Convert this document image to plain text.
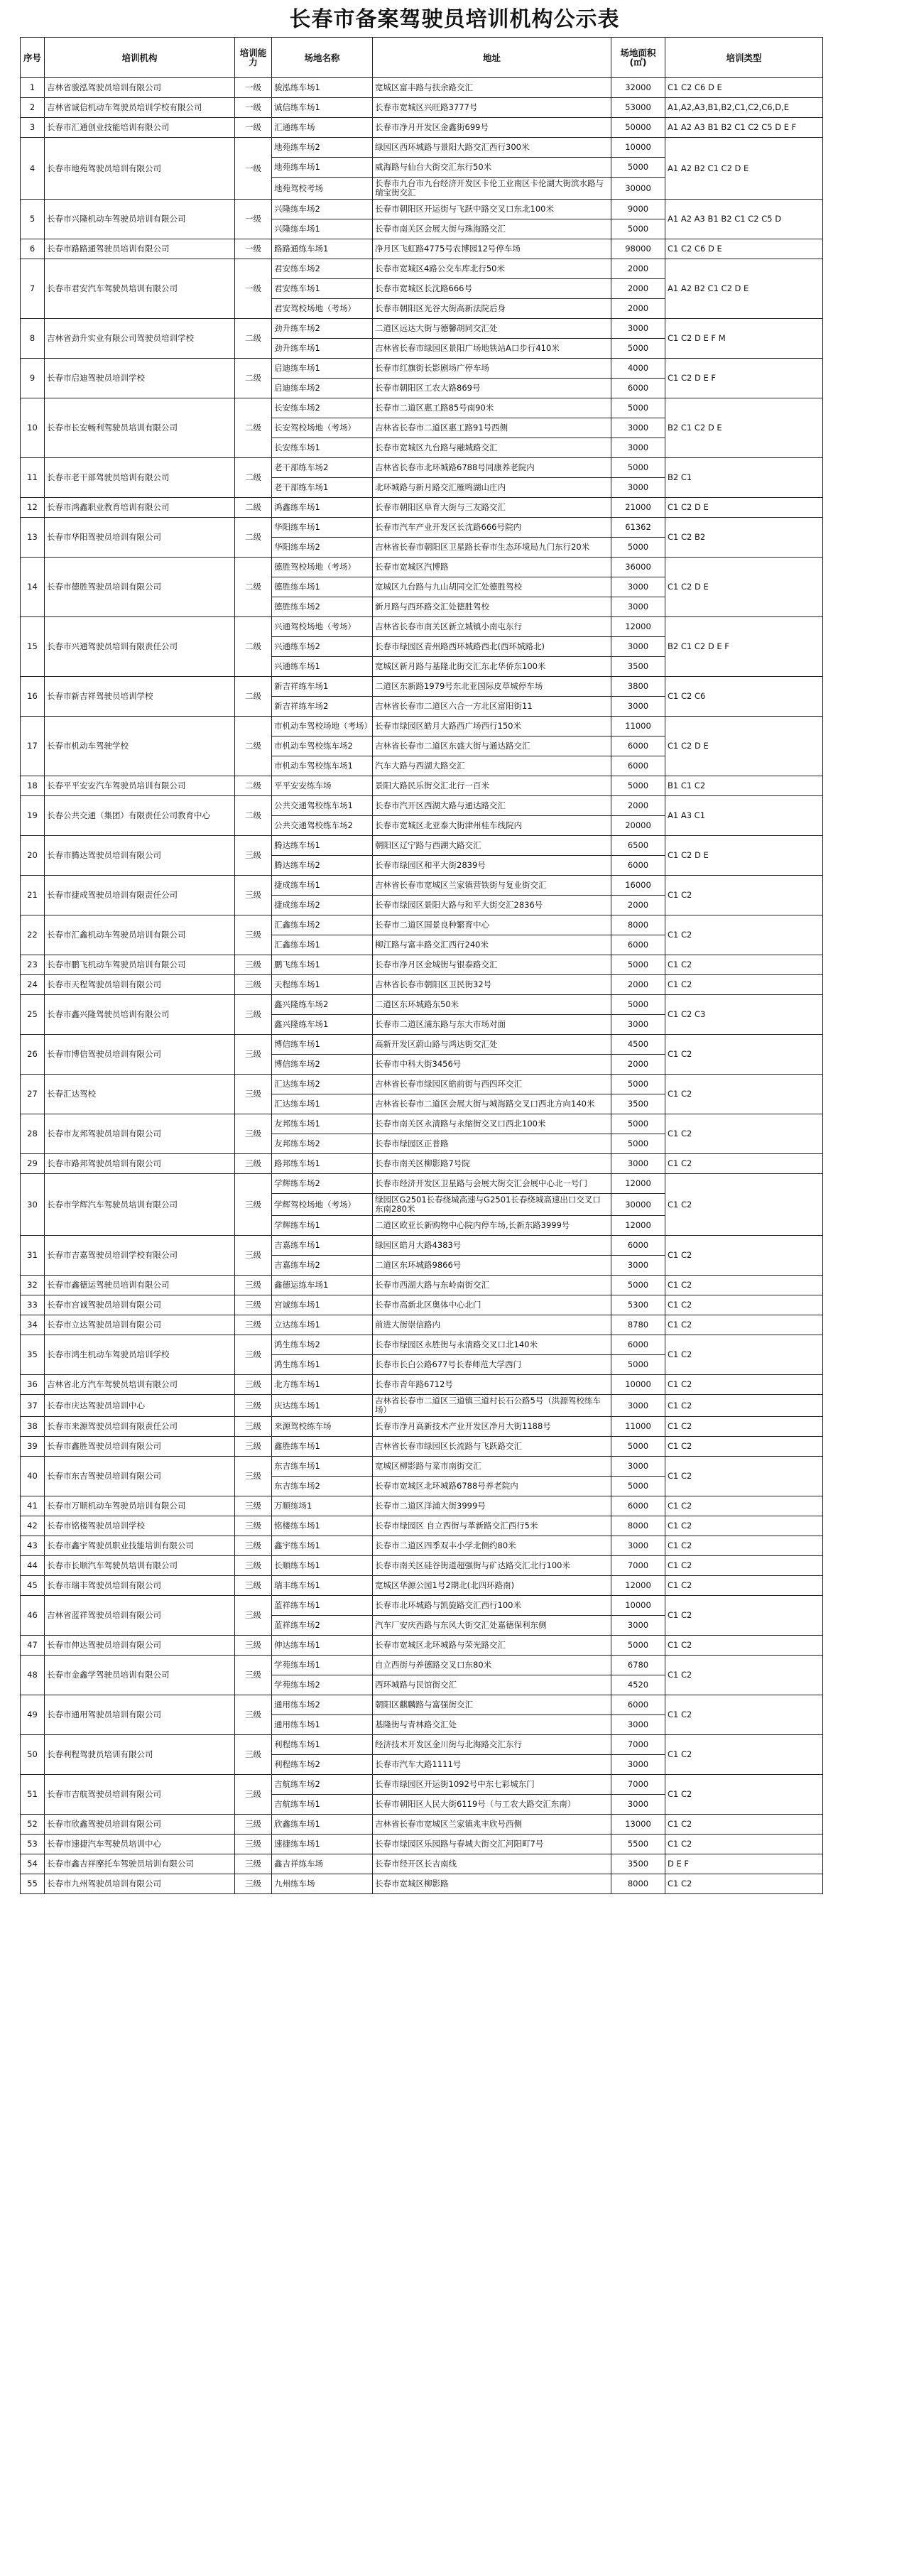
长春市备案驾驶员培训机构公示表
序号	培训机构	培训能力	场地名称	地址	场地面积(㎡)	培训类型
1	吉林省骏泓驾驶员培训有限公司	一级	骏泓练车场1	宽城区富丰路与扶余路交汇	32000	C1 C2 C6 D E
2	吉林省诚信机动车驾驶员培训学校有限公司	一级	诚信练车场1	长春市宽城区兴旺路3777号	53000	A1,A2,A3,B1,B2,C1,C2,C6,D,E
3	长春市汇通创业技能培训有限公司	一级	汇通练车场	长春市净月开发区金鑫街699号	50000	A1 A2 A3 B1 B2 C1 C2 C5 D E F
4	长春市地苑驾驶员培训有限公司	一级	地苑练车场2	绿园区西环城路与景阳大路交汇西行300米	10000	A1 A2 B2 C1 C2 D E
			地苑练车场1	威海路与仙台大街交汇东行50米	5000	
			地苑驾校考场	长春市九台市九台经济开发区卡伦工业南区卡伦湖大街滨水路与瑞宝街交汇	30000	
5	长春市兴隆机动车驾驶员培训有限公司	一级	兴隆练车场2	长春市朝阳区开运街与飞跃中路交叉口东北100米	9000	A1 A2 A3 B1 B2 C1 C2 C5 D
			兴隆练车场1	长春市南关区会展大街与珠海路交汇	5000	
6	长春市路路通驾驶员培训有限公司	一级	路路通练车场1	净月区飞虹路4775号农博园12号停车场	98000	C1 C2 C6 D E
7	长春市君安汽车驾驶员培训有限公司	一级	君安练车场2	长春市宽城区4路公交车库北行50米	2000	A1 A2 B2 C1 C2 D E
			君安练车场1	长春市宽城区长沈路666号	2000	
			君安驾校场地（考场）	长春市朝阳区光谷大街高新法院后身	2000	
8	吉林省劲升实业有限公司驾驶员培训学校	二级	劲升练车场2	二道区远达大街与德馨胡同交汇处	3000	C1 C2 D E F M
			劲升练车场1	吉林省长春市绿园区景阳广场地铁站A口步行410米	5000	
9	长春市启迪驾驶员培训学校	二级	启迪练车场1	长春市红旗街长影剧场广停车场	4000	C1 C2 D E F
			启迪练车场2	长春市朝阳区工农大路869号	6000	
10	长春市长安畅利驾驶员培训有限公司	二级	长安练车场2	长春市二道区惠工路85号南90米	5000	B2 C1 C2 D E
			长安驾校场地（考场）	吉林省长春市二道区惠工路91号西侧	3000	
			长安练车场1	长春市宽城区九台路与融城路交汇	3000	
11	长春市老干部驾驶员培训有限公司	二级	老干部练车场2	吉林省长春市北环城路6788号同康养老院内	5000	B2 C1
			老干部练车场1	北环城路与新月路交汇雁鸣湖山庄内	3000	
12	长春市鸿鑫职业教育培训有限公司	二级	鸿鑫练车场1	长春市朝阳区阜育大街与三友路交汇	21000	C1 C2 D E
13	长春市华阳驾驶员培训有限公司	二级	华阳练车场1	长春市汽车产业开发区长沈路666号院内	61362	C1 C2 B2
			华阳练车场2	吉林省长春市朝阳区卫星路长春市生态环境局九门东行20米	5000	
14	长春市德胜驾驶员培训有限公司	二级	德胜驾校场地（考场）	长春市宽城区汽博路	36000	C1 C2 D E
			德胜练车场1	宽城区九台路与九山胡同交汇处德胜驾校	3000	
			德胜练车场2	新月路与西环路交汇处德胜驾校	3000	
15	长春市兴通驾驶员培训有限责任公司	二级	兴通驾校场地（考场）	吉林省长春市南关区新立城镇小南屯东行	12000	B2 C1 C2 D E F
			兴通练车场2	长春市绿园区青州路西环城路西北(西环城路北)	3000	
			兴通练车场1	宽城区新月路与基隆北街交汇东北华侨东100米	3500	
16	长春市新吉祥驾驶员培训学校	二级	新吉祥练车场1	二道区东新路1979号东北亚国际皮草城停车场	3800	C1 C2 C6
			新吉祥练车场2	吉林省长春市二道区六合一方北区富阳街11	3000	
17	长春市机动车驾驶学校	二级	市机动车驾校场地（考场）	长春市绿园区皓月大路西广场西行150米	11000	C1 C2 D E
			市机动车驾校练车场2	吉林省长春市二道区东盛大街与通达路交汇	6000	
			市机动车驾校练车场1	汽车大路与西湖大路交汇	6000	
18	长春平平安安汽车驾驶员培训有限公司	二级	平平安安练车场	景阳大路民乐街交汇北行一百米	5000	B1 C1 C2
19	长春公共交通（集团）有限责任公司教育中心	二级	公共交通驾校练车场1	长春市汽开区西湖大路与通达路交汇	2000	A1 A3 C1
			公共交通驾校练车场2	长春市宽城区北亚泰大街津州桂车线院内	20000	
20	长春市腾达驾驶员培训有限公司	三级	腾达练车场1	朝阳区辽宁路与西湖大路交汇	6500	C1 C2 D E
			腾达练车场2	长春市绿园区和平大街2839号	6000	
21	长春市捷成驾驶员培训有限责任公司	三级	捷成练车场1	吉林省长春市宽城区兰家镇营铁街与复业街交汇	16000	C1 C2
			捷成练车场2	长春市绿园区景阳大路与和平大街交汇2836号	2000	
22	长春市汇鑫机动车驾驶员培训有限公司	三级	汇鑫练车场2	长春市二道区国景良种繁育中心	8000	C1 C2
			汇鑫练车场1	柳江路与富丰路交汇西行240米	6000	
23	长春市鹏飞机动车驾驶员培训有限公司	三级	鹏飞练车场1	长春市净月区金城街与银泰路交汇	5000	C1 C2
24	长春市天程驾驶员培训有限公司	三级	天程练车场1	吉林省长春市朝阳区卫民街32号	2000	C1 C2
25	长春市鑫兴隆驾驶员培训有限公司	三级	鑫兴隆练车场2	二道区东环城路东50米	5000	C1 C2 C3
			鑫兴隆练车场1	长春市二道区浦东路与东大市场对面	3000	
26	长春市博信驾驶员培训有限公司	三级	博信练车场1	高新开发区蔚山路与鸿达街交汇处	4500	C1 C2
			博信练车场2	长春市中科大街3456号	2000	
27	长春汇达驾校	三级	汇达练车场2	吉林省长春市绿园区皓前街与西四环交汇	5000	C1 C2
			汇达练车场1	吉林省长春市二道区会展大街与城海路交叉口西北方向140米	3500	
28	长春市友邦驾驶员培训有限公司	三级	友邦练车场1	长春市南关区永清路与永缩街交叉口西北100米	5000	C1 C2
			友邦练车场2	长春市绿园区正普路	5000	
29	长春市路邦驾驶员培训有限公司	三级	路邦练车场1	长春市南关区柳影路7号院	3000	C1 C2
30	长春市学辉汽车驾驶员培训有限公司	三级	学辉练车场2	长春市经济开发区卫星路与会展大街交汇会展中心北一号门	12000	C1 C2
			学辉驾校场地（考场）	绿园区G2501长春绕城高速与G2501长春绕城高速出口交叉口东南280米	30000	
			学辉练车场1	二道区欧亚长新购物中心院内停车场,长新东路3999号	12000	
31	长春市吉嘉驾驶员培训学校有限公司	三级	吉嘉练车场1	绿园区皓月大路4383号	6000	C1 C2
			吉嘉练车场2	二道区东环城路9866号	3000	
32	长春市鑫德运驾驶员培训有限公司	三级	鑫德运练车场1	长春市西湖大路与东岭南街交汇	5000	C1 C2
33	长春市宫诚驾驶员培训有限公司	三级	宫诚练车场1	长春市高新北区奥体中心北门	5300	C1 C2
34	长春市立达驾驶员培训有限公司	三级	立达练车场1	前进大街崇信路内	8780	C1 C2
35	长春市鸿生机动车驾驶员培训学校	三级	鸿生练车场2	长春市绿园区永胜街与永清路交叉口北140米	6000	C1 C2
			鸿生练车场1	长春市长白公路677号长春师范大学西门	5000	
36	吉林省北方汽车驾驶员培训有限公司	三级	北方练车场1	长春市青年路6712号	10000	C1 C2
37	长春市庆达驾驶员培训中心	三级	庆达练车场1	吉林省长春市二道区三道镇三道村长石公路5号（洪源驾校练车场）	3000	C1 C2
38	长春市来源驾驶员培训有限责任公司	三级	来源驾校练车场	长春市净月高新技术产业开发区净月大街1188号	11000	C1 C2
39	长春市鑫胜驾驶员培训有限公司	三级	鑫胜练车场1	吉林省长春市绿园区长流路与飞跃路交汇	5000	C1 C2
40	长春市东吉驾驶员培训有限公司	三级	东吉练车场1	宽城区柳影路与菜市南街交汇	3000	C1 C2
			东吉练车场2	长春市宽城区北环城路6788号养老院内	5000	
41	长春市万顺机动车驾驶员培训有限公司	三级	万顺练场1	长春市二道区洋浦大街3999号	6000	C1 C2
42	长春市铭楼驾驶员培训学校	三级	铭楼练车场1	长春市绿园区 自立西街与革新路交汇西行5米	8000	C1 C2
43	长春市鑫宇驾驶员职业技能培训有限公司	三级	鑫宇练车场1	长春市二道区四季双丰小学北侧约80米	3000	C1 C2
44	长春市长顺汽车驾驶员培训有限公司	三级	长顺练车场1	长春市南关区硅谷街道超强街与矿达路交汇北行100米	7000	C1 C2
45	长春市瑞丰驾驶员培训有限公司	三级	瑞丰练车场1	宽城区华源公园1号2期北(北四环路南)	12000	C1 C2
46	吉林省蓝祥驾驶员培训有限公司	三级	蓝祥练车场1	长春市北环城路与凯旋路交汇西行100米	10000	C1 C2
			蓝祥练车场2	汽车厂安庆西路与东风大街交汇处嘉德保利东侧	3000	
47	长春市伸达驾驶员培训有限公司	三级	伸达练车场1	长春市宽城区北环城路与荣光路交汇	5000	C1 C2
48	长春市金鑫学驾驶员培训有限公司	三级	学苑练车场1	自立西街与养德路交叉口东80米	6780	C1 C2
			学苑练车场2	西环城路与民馆街交汇	4520	
49	长春市通用驾驶员培训有限公司	三级	通用练车场2	朝阳区麒麟路与富强街交汇	6000	C1 C2
			通用练车场1	基隆街与青林路交汇处	3000	
50	长春利程驾驶员培训有限公司	三级	利程练车场1	经济技术开发区金川街与北海路交汇东行	7000	C1 C2
			利程练车场2	长春市汽车大路1111号	3000	
51	长春市吉航驾驶员培训有限公司	三级	吉航练车场2	长春市绿园区开运街1092号中东七彩城东门	7000	C1 C2
			吉航练车场1	长春市朝阳区人民大街6119号（与工农大路交汇东南）	3000	
52	长春市欣鑫驾驶员培训有限公司	三级	欣鑫练车场1	吉林省长春市宽城区兰家镇兆丰欣号西侧	13000	C1 C2
53	长春市速捷汽车驾驶员培训中心	三级	速捷练车场1	长春市绿园区乐园路与春城大街交汇河阳町7号	5500	C1 C2
54	长春市鑫吉祥摩托车驾驶员培训有限公司	三级	鑫吉祥练车场	长春市经开区长吉南线	3500	D E F
55	长春市九州驾驶员培训有限公司	三级	九州练车场	长春市宽城区柳影路	8000	C1 C2
